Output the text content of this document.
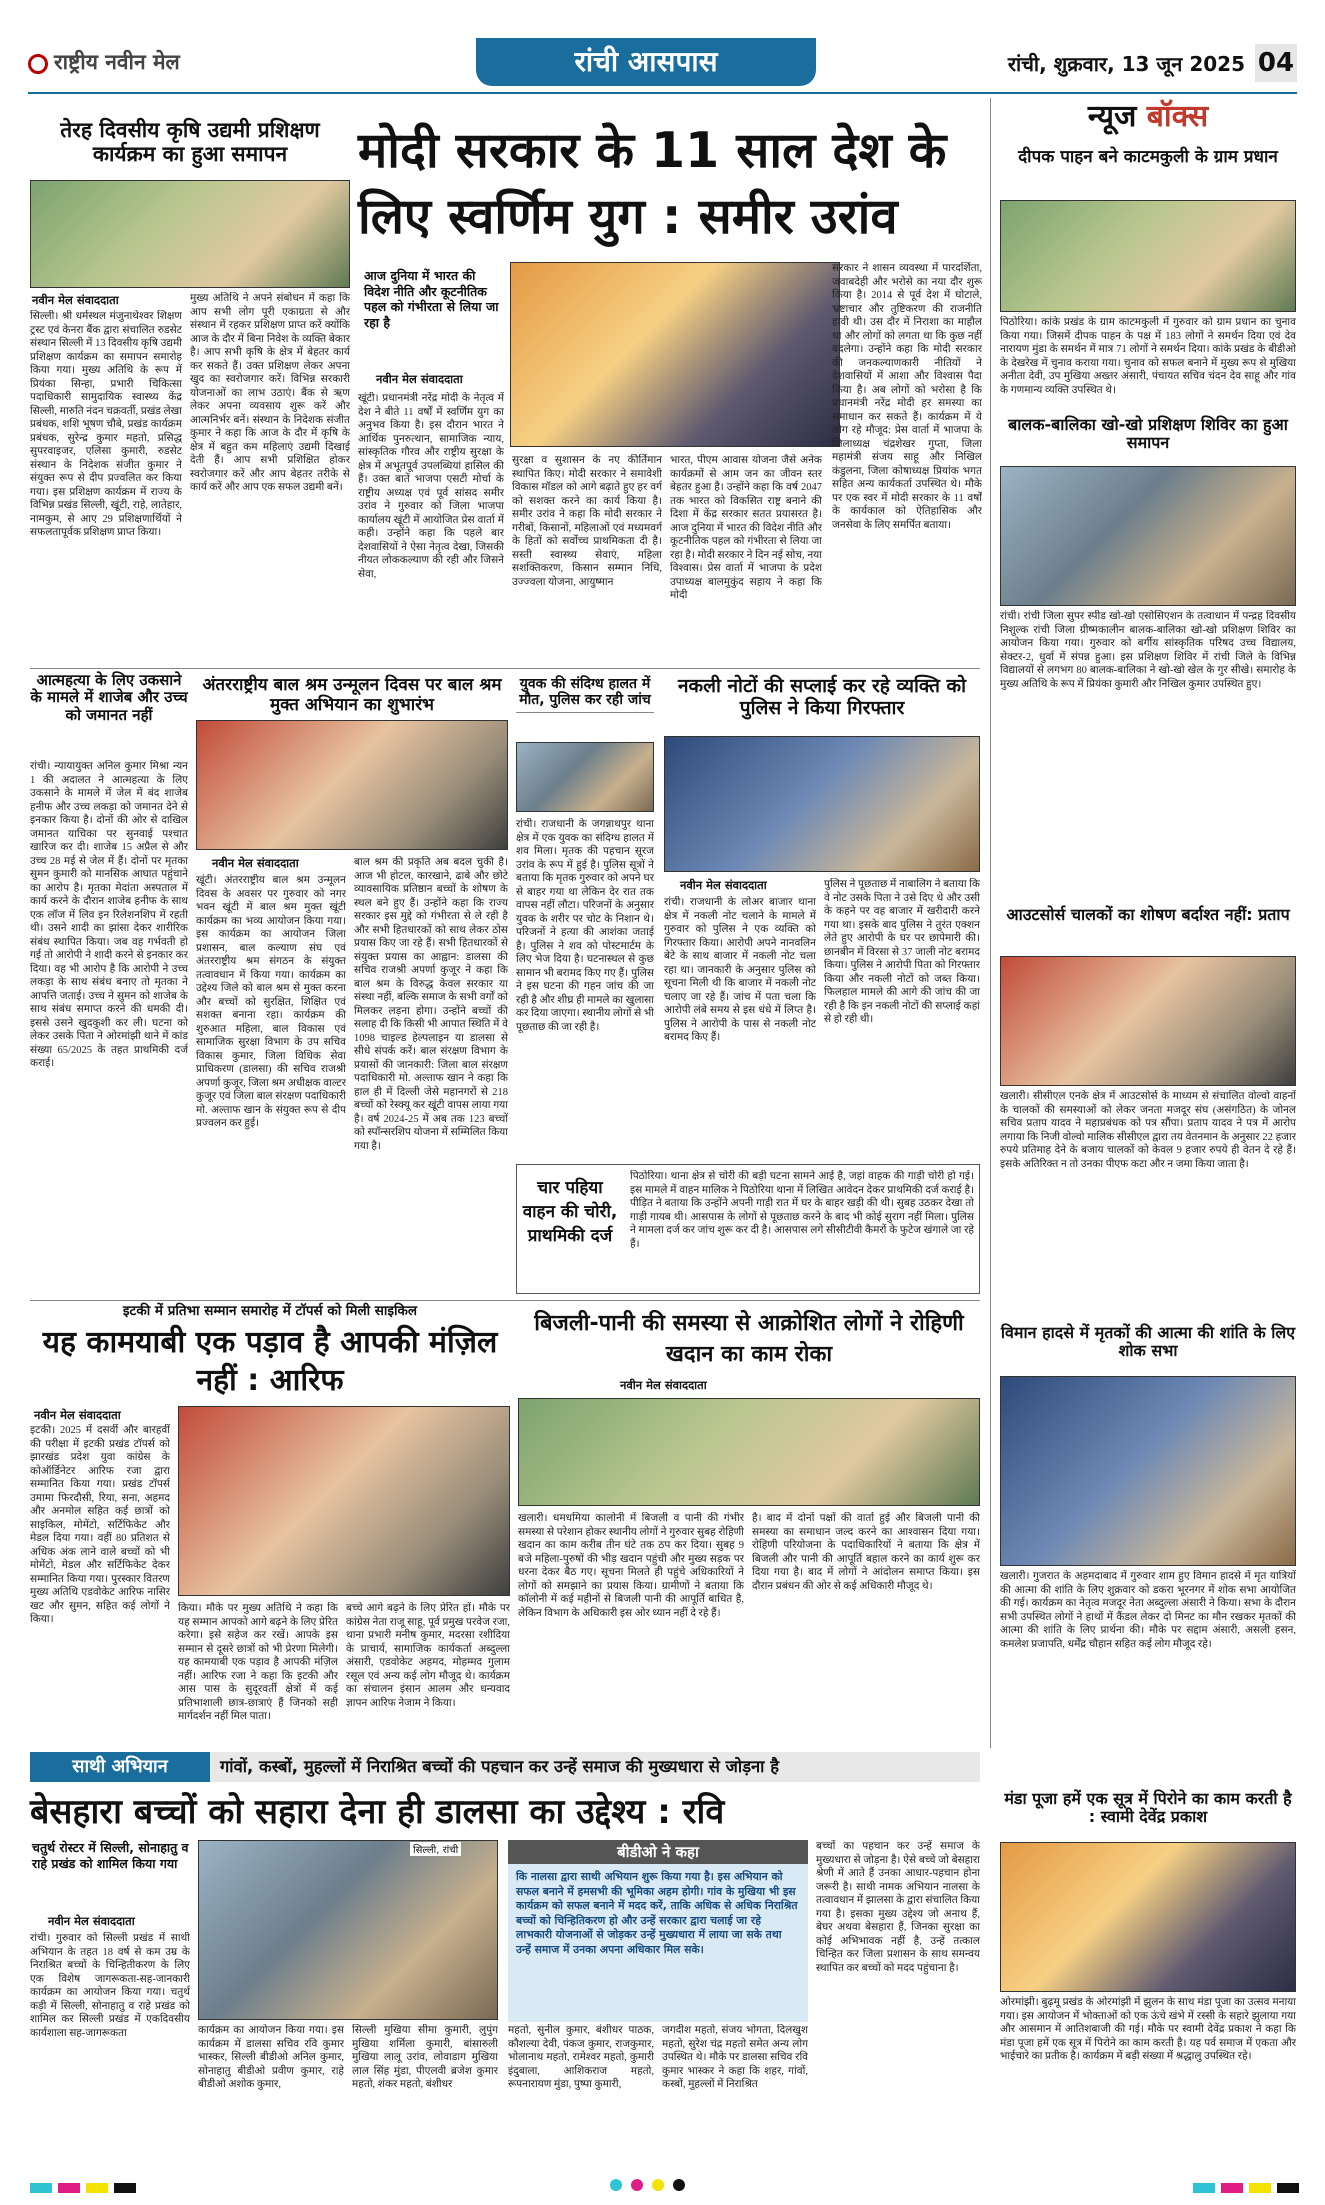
राष्ट्रीय नवीन मेल	रांची आसपास	रांची, शुक्रवार, 13 जून 2025 04
तेरह दिवसीय कृषि उद्यमी प्रशिक्षण कार्यक्रम का हुआ समापन
नवीन मेल संवाददाता
सिल्ली। श्री धर्मस्थल मंजुनाथेश्वर शिक्षण ट्रस्ट एवं केनरा बैंक द्वारा संचालित रुडसेट संस्थान सिल्ली में 13 दिवसीय कृषि उद्यमी प्रशिक्षण कार्यक्रम का समापन समारोह किया गया। मुख्य अतिथि के रूप में प्रियंका सिन्हा, प्रभारी चिकित्सा पदाधिकारी सामुदायिक स्वास्थ्य केंद्र सिल्ली, मारुति नंदन चक्रवर्ती, प्रखंड लेखा प्रबंधक, शशि भूषण चौबे, प्रखंड कार्यक्रम प्रबंधक, सुरेन्द्र कुमार महतो, प्रसिद्ध सुपरवाइजर, एलिसा कुमारी, रुडसेट संस्थान के निदेशक संजीत कुमार ने संयुक्त रूप से दीप प्रज्वलित कर किया गया। इस प्रशिक्षण कार्यक्रम में राज्य के विभिन्न प्रखंड सिल्ली, खूंटी, राहे, लातेहार, नामकुम, से आए 29 प्रशिक्षणार्थियों ने सफलतापूर्वक प्रशिक्षण प्राप्त किया।
मुख्य अतिथि ने अपने संबोधन में कहा कि आप सभी लोग पूरी एकाग्रता से और संस्थान में रहकर प्रशिक्षण प्राप्त करें क्योंकि आज के दौर में बिना निवेश के व्यक्ति बेकार है। आप सभी कृषि के क्षेत्र में बेहतर कार्य कर सकते हैं। उक्त प्रशिक्षण लेकर अपना खुद का स्वरोजगार करें। विभिन्न सरकारी योजनाओं का लाभ उठाएं। बैंक से ऋण लेकर अपना व्यवसाय शुरू करें और आत्मनिर्भर बनें। संस्थान के निदेशक संजीत कुमार ने कहा कि आज के दौर में कृषि के क्षेत्र में बहुत कम महिलाएं उद्यमी दिखाई देती हैं। आप सभी प्रशिक्षित होकर स्वरोजगार करें और आप बेहतर तरीके से कार्य करें और आप एक सफल उद्यमी बनें।
मोदी सरकार के 11 साल देश के
लिए स्वर्णिम युग : समीर उरांव
आज दुनिया में भारत की विदेश नीति और कूटनीतिक पहल को गंभीरता से लिया जा रहा है
नवीन मेल संवाददाता
खूंटी। प्रधानमंत्री नरेंद्र मोदी के नेतृत्व में देश ने बीते 11 वर्षों में स्वर्णिम युग का अनुभव किया है। इस दौरान भारत ने आर्थिक पुनरुत्थान, सामाजिक न्याय, सांस्कृतिक गौरव और राष्ट्रीय सुरक्षा के क्षेत्र में अभूतपूर्व उपलब्धियां हासिल की हैं। उक्त बातें भाजपा एसटी मोर्चा के राष्ट्रीय अध्यक्ष एवं पूर्व सांसद समीर उरांव ने गुरुवार को जिला भाजपा कार्यालय खूंटी में आयोजित प्रेस वार्ता में कही। उन्होंने कहा कि पहले बार देशवासियों ने ऐसा नेतृत्व देखा, जिसकी नीयत लोककल्याण की रही और जिसने सेवा,
सुरक्षा व सुशासन के नए कीर्तिमान स्थापित किए। मोदी सरकार ने समावेशी विकास मॉडल को आगे बढ़ाते हुए हर वर्ग को सशक्त करने का कार्य किया है। समीर उरांव ने कहा कि मोदी सरकार ने गरीबों, किसानों, महिलाओं एवं मध्यमवर्ग के हितों को सर्वोच्च प्राथमिकता दी है। सस्ती स्वास्थ्य सेवाएं, महिला सशक्तिकरण, किसान सम्मान निधि, उज्ज्वला योजना, आयुष्मान
भारत, पीएम आवास योजना जैसे अनेक कार्यक्रमों से आम जन का जीवन स्तर बेहतर हुआ है। उन्होंने कहा कि वर्ष 2047 तक भारत को विकसित राष्ट्र बनाने की दिशा में केंद्र सरकार सतत प्रयासरत है। आज दुनिया में भारत की विदेश नीति और कूटनीतिक पहल को गंभीरता से लिया जा रहा है। मोदी सरकार ने दिन नई सोच, नया विश्वास। प्रेस वार्ता में भाजपा के प्रदेश उपाध्यक्ष बालमुकुंद सहाय ने कहा कि मोदी
सरकार ने शासन व्यवस्था में पारदर्शिता, जवाबदेही और भरोसे का नया दौर शुरू किया है। 2014 से पूर्व देश में घोटाले, भ्रष्टाचार और तुष्टिकरण की राजनीति हावी थी। उस दौर में निराशा का माहौल था और लोगों को लगता था कि कुछ नहीं बदलेगा। उन्होंने कहा कि मोदी सरकार की जनकल्याणकारी नीतियों ने देशवासियों में आशा और विश्वास पैदा किया है। अब लोगों को भरोसा है कि प्रधानमंत्री नरेंद्र मोदी हर समस्या का समाधान कर सकते हैं। कार्यक्रम में ये लोग रहे मौजूद: प्रेस वार्ता में भाजपा के जिलाध्यक्ष चंद्रशेखर गुप्ता, जिला महामंत्री संजय साहू और निखिल कंडुलना, जिला कोषाध्यक्ष प्रियांक भगत सहित अन्य कार्यकर्ता उपस्थित थे। मौके पर एक स्वर में मोदी सरकार के 11 वर्षों के कार्यकाल को ऐतिहासिक और जनसेवा के लिए समर्पित बताया।
आत्महत्या के लिए उकसाने के मामले में शाजेब और उच्च को जमानत नहीं
रांची। न्यायायुक्त अनिल कुमार मिश्रा न्यन 1 की अदालत ने आत्महत्या के लिए उकसाने के मामले में जेल में बंद शाजेब हनीफ और उच्च लकड़ा को जमानत देने से इनकार किया है। दोनों की ओर से दाखिल जमानत याचिका पर सुनवाई पश्चात खारिज कर दी। शाजेब 15 अप्रैल से और उच्च 28 मई से जेल में हैं। दोनों पर मृतका सुमन कुमारी को मानसिक आघात पहुंचाने का आरोप है। मृतका मेदांता अस्पताल में कार्य करने के दौरान शाजेब हनीफ के साथ एक लॉज में लिव इन रिलेशनशिप में रहती थी। उसने शादी का झांसा देकर शारीरिक संबंध स्थापित किया। जब वह गर्भवती हो गई तो आरोपी ने शादी करने से इनकार कर दिया। वह भी आरोप है कि आरोपी ने उच्च लकड़ा के साथ संबंध बनाए तो मृतका ने आपत्ति जताई। उच्च ने सुमन को शाजेब के साथ संबंध समाप्त करने की धमकी दी। इससे उसने खुदकुशी कर ली। घटना को लेकर उसके पिता ने ओरमांझी थाने में कांड संख्या 65/2025 के तहत प्राथमिकी दर्ज कराई।
अंतरराष्ट्रीय बाल श्रम उन्मूलन दिवस पर बाल श्रम मुक्त अभियान का शुभारंभ
नवीन मेल संवाददाता
खूंटी। अंतरराष्ट्रीय बाल श्रम उन्मूलन दिवस के अवसर पर गुरुवार को नगर भवन खूंटी में बाल श्रम मुक्त खूंटी कार्यक्रम का भव्य आयोजन किया गया। इस कार्यक्रम का आयोजन जिला प्रशासन, बाल कल्याण संघ एवं अंतरराष्ट्रीय श्रम संगठन के संयुक्त तत्वावधान में किया गया। कार्यक्रम का उद्देश्य जिले को बाल श्रम से मुक्त करना और बच्चों को सुरक्षित, शिक्षित एवं सशक्त बनाना रहा। कार्यक्रम की शुरुआत महिला, बाल विकास एवं सामाजिक सुरक्षा विभाग के उप सचिव विकास कुमार, जिला विधिक सेवा प्राधिकरण (डालसा) की सचिव राजश्री अपर्णा कुजूर, जिला श्रम अधीक्षक वाल्टर कुजूर एवं जिला बाल संरक्षण पदाधिकारी मो. अल्ताफ खान के संयुक्त रूप से दीप प्रज्वलन कर हुई।
बाल श्रम की प्रकृति अब बदल चुकी है। आज भी होटल, कारखाने, ढाबे और छोटे व्यावसायिक प्रतिष्ठान बच्चों के शोषण के स्थल बने हुए हैं। उन्होंने कहा कि राज्य सरकार इस मुद्दे को गंभीरता से ले रही है और सभी हितधारकों को साथ लेकर ठोस प्रयास किए जा रहे हैं। सभी हितधारकों से संयुक्त प्रयास का आह्वान: डालसा की सचिव राजश्री अपर्णा कुजूर ने कहा कि बाल श्रम के विरुद्ध केवल सरकार या संस्था नहीं, बल्कि समाज के सभी वर्गों को मिलकर लड़ना होगा। उन्होंने बच्चों की सलाह दी कि किसी भी आपात स्थिति में वे 1098 चाइल्ड हेल्पलाइन या डालसा से सीधे संपर्क करें। बाल संरक्षण विभाग के प्रयासों की जानकारी: जिला बाल संरक्षण पदाधिकारी मो. अल्ताफ खान ने कहा कि हाल ही में दिल्ली जेसे महानगरों से 218 बच्चों को रेस्क्यू कर खूंटी वापस लाया गया है। वर्ष 2024-25 में अब तक 123 बच्चों को स्पॉन्सरशिप योजना में सम्मिलित किया गया है।
युवक की संदिग्ध हालत में मौत, पुलिस कर रही जांच
रांची। राजधानी के जगन्नाथपुर थाना क्षेत्र में एक युवक का संदिग्ध हालत में शव मिला। मृतक की पहचान सूरज उरांव के रूप में हुई है। पुलिस सूत्रों ने बताया कि मृतक गुरुवार को अपने घर से बाहर गया था लेकिन देर रात तक वापस नहीं लौटा। परिजनों के अनुसार युवक के शरीर पर चोट के निशान थे। परिजनों ने हत्या की आशंका जताई है। पुलिस ने शव को पोस्टमार्टम के लिए भेज दिया है। घटनास्थल से कुछ सामान भी बरामद किए गए हैं। पुलिस ने इस घटना की गहन जांच की जा रही है और शीघ्र ही मामले का खुलासा कर दिया जाएगा। स्थानीय लोगों से भी पूछताछ की जा रही है।
नकली नोटों की सप्लाई कर रहे व्यक्ति को पुलिस ने किया गिरफ्तार
नवीन मेल संवाददाता
रांची। राजधानी के लोअर बाजार थाना क्षेत्र में नकली नोट चलाने के मामले में गुरुवार को पुलिस ने एक व्यक्ति को गिरफ्तार किया। आरोपी अपने नानवलिन बेटे के साथ बाजार में नकली नोट चला रहा था। जानकारी के अनुसार पुलिस को सूचना मिली थी कि बाजार में नकली नोट चलाए जा रहे हैं। जांच में पता चला कि आरोपी लंबे समय से इस धंधे में लिप्त है। पुलिस ने आरोपी के पास से नकली नोट बरामद किए हैं।
पुलिस ने पूछताछ में नाबालिग ने बताया कि वे नोट उसके पिता ने उसे दिए थे और उसी के कहने पर वह बाजार में खरीदारी करने गया था। इसके बाद पुलिस ने तुरंत एक्शन लेते हुए आरोपी के घर पर छापेमारी की। छानबीन में विरसा से 37 जाली नोट बरामद किया। पुलिस ने आरोपी पिता को गिरफ्तार किया और नकली नोटों को जब्त किया। फिलहाल मामले की आगे की जांच की जा रही है कि इन नकली नोटों की सप्लाई कहां से हो रही थी।
चार पहिया वाहन की चोरी, प्राथमिकी दर्ज
पिठोरिया। थाना क्षेत्र से चोरी की बड़ी घटना सामने आई है, जहां वाहक की गाड़ी चोरी हो गई। इस मामले में वाहन मालिक ने पिठोरिया थाना में लिखित आवेदन देकर प्राथमिकी दर्ज कराई है। पीड़ित ने बताया कि उन्होंने अपनी गाड़ी रात में घर के बाहर खड़ी की थी। सुबह उठकर देखा तो गाड़ी गायब थी। आसपास के लोगों से पूछताछ करने के बाद भी कोई सुराग नहीं मिला। पुलिस ने मामला दर्ज कर जांच शुरू कर दी है। आसपास लगे सीसीटीवी कैमरों के फुटेज खंगाले जा रहे हैं।
इटकी में प्रतिभा सम्मान समारोह में टॉपर्स को मिली साइकिल
यह कामयाबी एक पड़ाव है आपकी मंज़िल नहीं : आरिफ
नवीन मेल संवाददाता
इटकी। 2025 में दसवीं और बारहवीं की परीक्षा में इटकी प्रखंड टॉपर्स को झारखंड प्रदेश युवा कांग्रेस के कोऑर्डिनेटर आरिफ रजा द्वारा सम्मानित किया गया। प्रखंड टॉपर्स उमामा फिरदौसी, रिया, सना, अहमद और अनमोल सहित कई छात्रों को साइकिल, मोमेंटो, सर्टिफिकेट और मेडल दिया गया। वहीं 80 प्रतिशत से अधिक अंक लाने वाले बच्चों को भी मोमेंटो, मेडल और सर्टिफिकेट देकर सम्मानित किया गया। पुरस्कार वितरण मुख्य अतिथि एडवोकेट आरिफ नासिर खट और सुमन, सहित कई लोगों ने किया।
किया। मौके पर मुख्य अतिथि ने कहा कि यह सम्मान आपको आगे बढ़ने के लिए प्रेरित करेगा। इसे सहेज कर रखें। आपके इस सम्मान से दूसरे छात्रों को भी प्रेरणा मिलेगी। यह कामयाबी एक पड़ाव है आपकी मंज़िल नहीं। आरिफ रजा ने कहा कि इटकी और आस पास के सुदूरवर्ती क्षेत्रों में कई प्रतिभाशाली छात्र-छात्राएं हैं जिनको सही मार्गदर्शन नहीं मिल पाता।
बच्चे आगे बढ़ने के लिए प्रेरित हों। मौके पर कांग्रेस नेता राजू साहू, पूर्व प्रमुख परवेज रजा, थाना प्रभारी मनीष कुमार, मदरसा रशीदिया के प्राचार्य, सामाजिक कार्यकर्ता अब्दुल्ला अंसारी, एडवोकेट अहमद, मोहम्मद गुलाम रसूल एवं अन्य कई लोग मौजूद थे। कार्यक्रम का संचालन इंसान आलम और धन्यवाद ज्ञापन आरिफ नेजाम ने किया।
बिजली-पानी की समस्या से आक्रोशित लोगों ने रोहिणी खदान का काम रोका
नवीन मेल संवाददाता
खलारी। धमधमिया कालोनी में बिजली व पानी की गंभीर समस्या से परेशान होकर स्थानीय लोगों ने गुरुवार सुबह रोहिणी खदान का काम करीब तीन घंटे तक ठप कर दिया। सुबह 9 बजे महिला-पुरुषों की भीड़ खदान पहुंची और मुख्य सड़क पर धरना देकर बैठ गए। सूचना मिलते ही पहुंचे अधिकारियों ने लोगों को समझाने का प्रयास किया। ग्रामीणों ने बताया कि कॉलोनी में कई महीनों से बिजली पानी की आपूर्ति बाधित है, लेकिन विभाग के अधिकारी इस ओर ध्यान नहीं दे रहे हैं।
है। बाद में दोनों पक्षों की वार्ता हुई और बिजली पानी की समस्या का समाधान जल्द करने का आश्वासन दिया गया। रोहिणी परियोजना के पदाधिकारियों ने बताया कि क्षेत्र में बिजली और पानी की आपूर्ति बहाल करने का कार्य शुरू कर दिया गया है। बाद में लोगों ने आंदोलन समाप्त किया। इस दौरान प्रबंधन की ओर से कई अधिकारी मौजूद थे।
न्यूज बॉक्स
दीपक पाहन बने काटमकुली के ग्राम प्रधान
पिठोरिया। कांके प्रखंड के ग्राम काटमकुली में गुरुवार को ग्राम प्रधान का चुनाव किया गया। जिसमें दीपक पाहन के पक्ष में 183 लोगों ने समर्थन दिया एवं देव नारायण मुंडा के समर्थन में मात्र 71 लोगों ने समर्थन दिया। कांके प्रखंड के बीडीओ के देखरेख में चुनाव कराया गया। चुनाव को सफल बनाने में मुख्य रूप से मुखिया अनीता देवी, उप मुखिया अख्तर अंसारी, पंचायत सचिव चंदन देव साहू और गांव के गणमान्य व्यक्ति उपस्थित थे।
बालक-बालिका खो-खो प्रशिक्षण शिविर का हुआ समापन
रांची। रांची जिला सुपर स्पीड खो-खो एसोसिएशन के तत्वाधान में पन्द्रह दिवसीय निशुल्क रांची जिला ग्रीष्मकालीन बालक-बालिका खो-खो प्रशिक्षण शिविर का आयोजन किया गया। गुरुवार को बर्गीय सांस्कृतिक परिषद उच्च विद्यालय, सेक्टर-2, धुर्वा में संपन्न हुआ। इस प्रशिक्षण शिविर में रांची जिले के विभिन्न विद्यालयों से लगभग 80 बालक-बालिका ने खो-खो खेल के गुर सीखे। समारोह के मुख्य अतिथि के रूप में प्रियंका कुमारी और निखिल कुमार उपस्थित हुए।
आउटसोर्स चालकों का शोषण बर्दाश्त नहीं: प्रताप
खलारी। सीसीएल एनके क्षेत्र में आउटसोर्स के माध्यम से संचालित वोल्वो वाहनों के चालकों की समस्याओं को लेकर जनता मजदूर संघ (असंगठित) के जोनल सचिव प्रताप यादव ने महाप्रबंधक को पत्र सौंपा। प्रताप यादव ने पत्र में आरोप लगाया कि निजी वोल्वो मालिक सीसीएल द्वारा तय वेतनमान के अनुसार 22 हजार रुपये प्रतिमाह देने के बजाय चालकों को केवल 9 हजार रुपये ही वेतन दे रहे हैं। इसके अतिरिक्त न तो उनका पीएफ कटा और न जमा किया जाता है।
विमान हादसे में मृतकों की आत्मा की शांति के लिए शोक सभा
खलारी। गुजरात के अहमदाबाद में गुरुवार शाम हुए विमान हादसे में मृत यात्रियों की आत्मा की शांति के लिए शुक्रवार को डकरा भूरनगर में शोक सभा आयोजित की गई। कार्यक्रम का नेतृत्व मजदूर नेता अब्दुल्ला अंसारी ने किया। सभा के दौरान सभी उपस्थित लोगों ने हाथों में कैंडल लेकर दो मिनट का मौन रखकर मृतकों की आत्मा की शांति के लिए प्रार्थना की। मौके पर सद्दाम अंसारी, असली हसन, कमलेश प्रजापति, धर्मेंद्र चौहान सहित कई लोग मौजूद रहे।
साथी अभियान	गांवों, कस्बों, मुहल्लों में निराश्रित बच्चों की पहचान कर उन्हें समाज की मुख्यधारा से जोड़ना है
बेसहारा बच्चों को सहारा देना ही डालसा का उद्देश्य : रवि
चतुर्थ रोस्टर में सिल्ली, सोनाहातु व राहे प्रखंड को शामिल किया गया
नवीन मेल संवाददाता
रांची। गुरुवार को सिल्ली प्रखंड में साथी अभियान के तहत 18 वर्ष से कम उम्र के निराश्रित बच्चों के चिन्हितीकरण के लिए एक विशेष जागरूकता-सह-जानकारी कार्यक्रम का आयोजन किया गया। चतुर्थ कड़ी में सिल्ली, सोनाहातु व राहे प्रखंड को शामिल कर सिल्ली प्रखंड में एकदिवसीय कार्यशाला सह-जागरूकता
सिल्ली, रांची
कार्यक्रम का आयोजन किया गया। इस कार्यक्रम में डालसा सचिव रवि कुमार भास्कर, सिल्ली बीडीओ अनिल कुमार, सोनाहातु बीडीओ प्रवीण कुमार, राहे बीडीओ अशोक कुमार,
सिल्ली मुखिया सीमा कुमारी, लुपुंग मुखिया शर्मिला कुमारी, बांसारुली मुखिया लालू उरांव, लोवाडाग मुखिया लाल सिंह मुंडा, पीएलवी ब्रजेश कुमार महतो, शंकर महतो, बंशीधर
बीडीओ ने कहा
कि नालसा द्वारा साथी अभियान शुरू किया गया है। इस अभियान को सफल बनाने में हमसभी की भूमिका अहम होगी। गांव के मुखिया भी इस कार्यक्रम को सफल बनाने में मदद करें, ताकि अधिक से अधिक निराश्रित बच्चों को चिन्हितिकरण हो और उन्हें सरकार द्वारा चलाई जा रहे लाभकारी योजनाओं से जोड़कर उन्हें मुख्यधारा में लाया जा सके तथा उन्हें समाज में उनका अपना अधिकार मिल सके।
महतो, सुनील कुमार, बंशीधर पाठक, कौशल्या देवी, पंकज कुमार, राजकुमार, भोलानाथ महतो, रामेश्वर महतो, कुमारी इंदुबाला, आशिकराज महतो, रूपनारायण मुंडा, पुष्पा कुमारी,
जगदीश महतो, संजय भोगता, दिलखुश महतो, सुरेश चंद्र महतो समेत अन्य लोग उपस्थित थे। मौके पर डालसा सचिव रवि कुमार भास्कर ने कहा कि शहर, गांवों, कस्बों, मुहल्लों में निराश्रित
बच्चों का पहचान कर उन्हें समाज के मुख्यधारा से जोड़ना है। ऐसे बच्चे जो बेसहारा श्रेणी में आते हैं उनका आधार-पहचान होना जरूरी है। साथी नामक अभियान नालसा के तत्वावधान में झालसा के द्वारा संचालित किया गया है। इसका मुख्य उद्देश्य जो अनाथ हैं, बेघर अथवा बेसहारा हैं, जिनका सुरक्षा का कोई अभिभावक नहीं है, उन्हें तत्काल चिन्हित कर जिला प्रशासन के साथ समन्वय स्थापित कर बच्चों को मदद पहुंचाना है।
मंडा पूजा हमें एक सूत्र में पिरोने का काम करती है : स्वामी देवेंद्र प्रकाश
ओरमांझी। बुढ़मू प्रखंड के ओरमांझी में झुलन के साथ मंडा पूजा का उत्सव मनाया गया। इस आयोजन में भोक्ताओं को एक ऊंचे खंभे में रस्सी के सहारे झुलाया गया और आसमान में आतिशबाजी की गई। मौके पर स्वामी देवेंद्र प्रकाश ने कहा कि मंडा पूजा हमें एक सूत्र में पिरोने का काम करती है। यह पर्व समाज में एकता और भाईचारे का प्रतीक है। कार्यक्रम में बड़ी संख्या में श्रद्धालु उपस्थित रहे।
